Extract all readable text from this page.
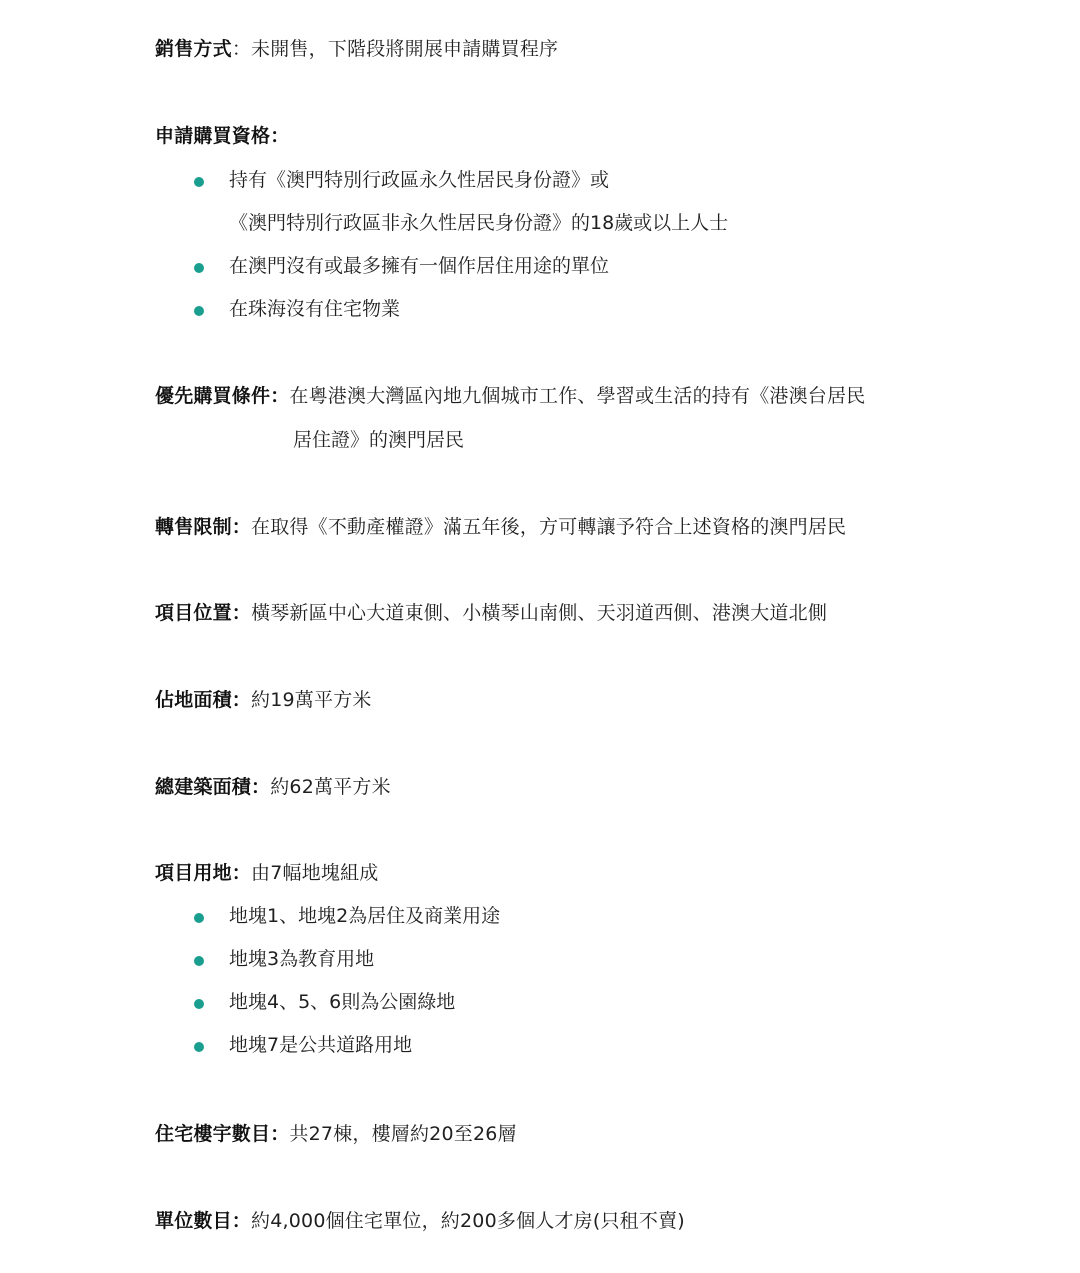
銷售方式：未開售，下階段將開展申請購買程序
申請購買資格：
持有《澳門特別行政區永久性居民身份證》或
《澳門特別行政區非永久性居民身份證》的18歲或以上人士
在澳門沒有或最多擁有一個作居住用途的單位
在珠海沒有住宅物業
優先購買條件：在粵港澳大灣區內地九個城市工作、學習或生活的持有《港澳台居民
居住證》的澳門居民
轉售限制：在取得《不動產權證》滿五年後，方可轉讓予符合上述資格的澳門居民
項目位置：橫琴新區中心大道東側、小橫琴山南側、天羽道西側、港澳大道北側
佔地面積：約19萬平方米
總建築面積：約62萬平方米
項目用地：由7幅地塊組成
地塊1、地塊2為居住及商業用途
地塊3為教育用地
地塊4、5、6則為公園綠地
地塊7是公共道路用地
住宅樓宇數目：共27棟，樓層約20至26層
單位數目：約4,000個住宅單位，約200多個人才房(只租不賣)
